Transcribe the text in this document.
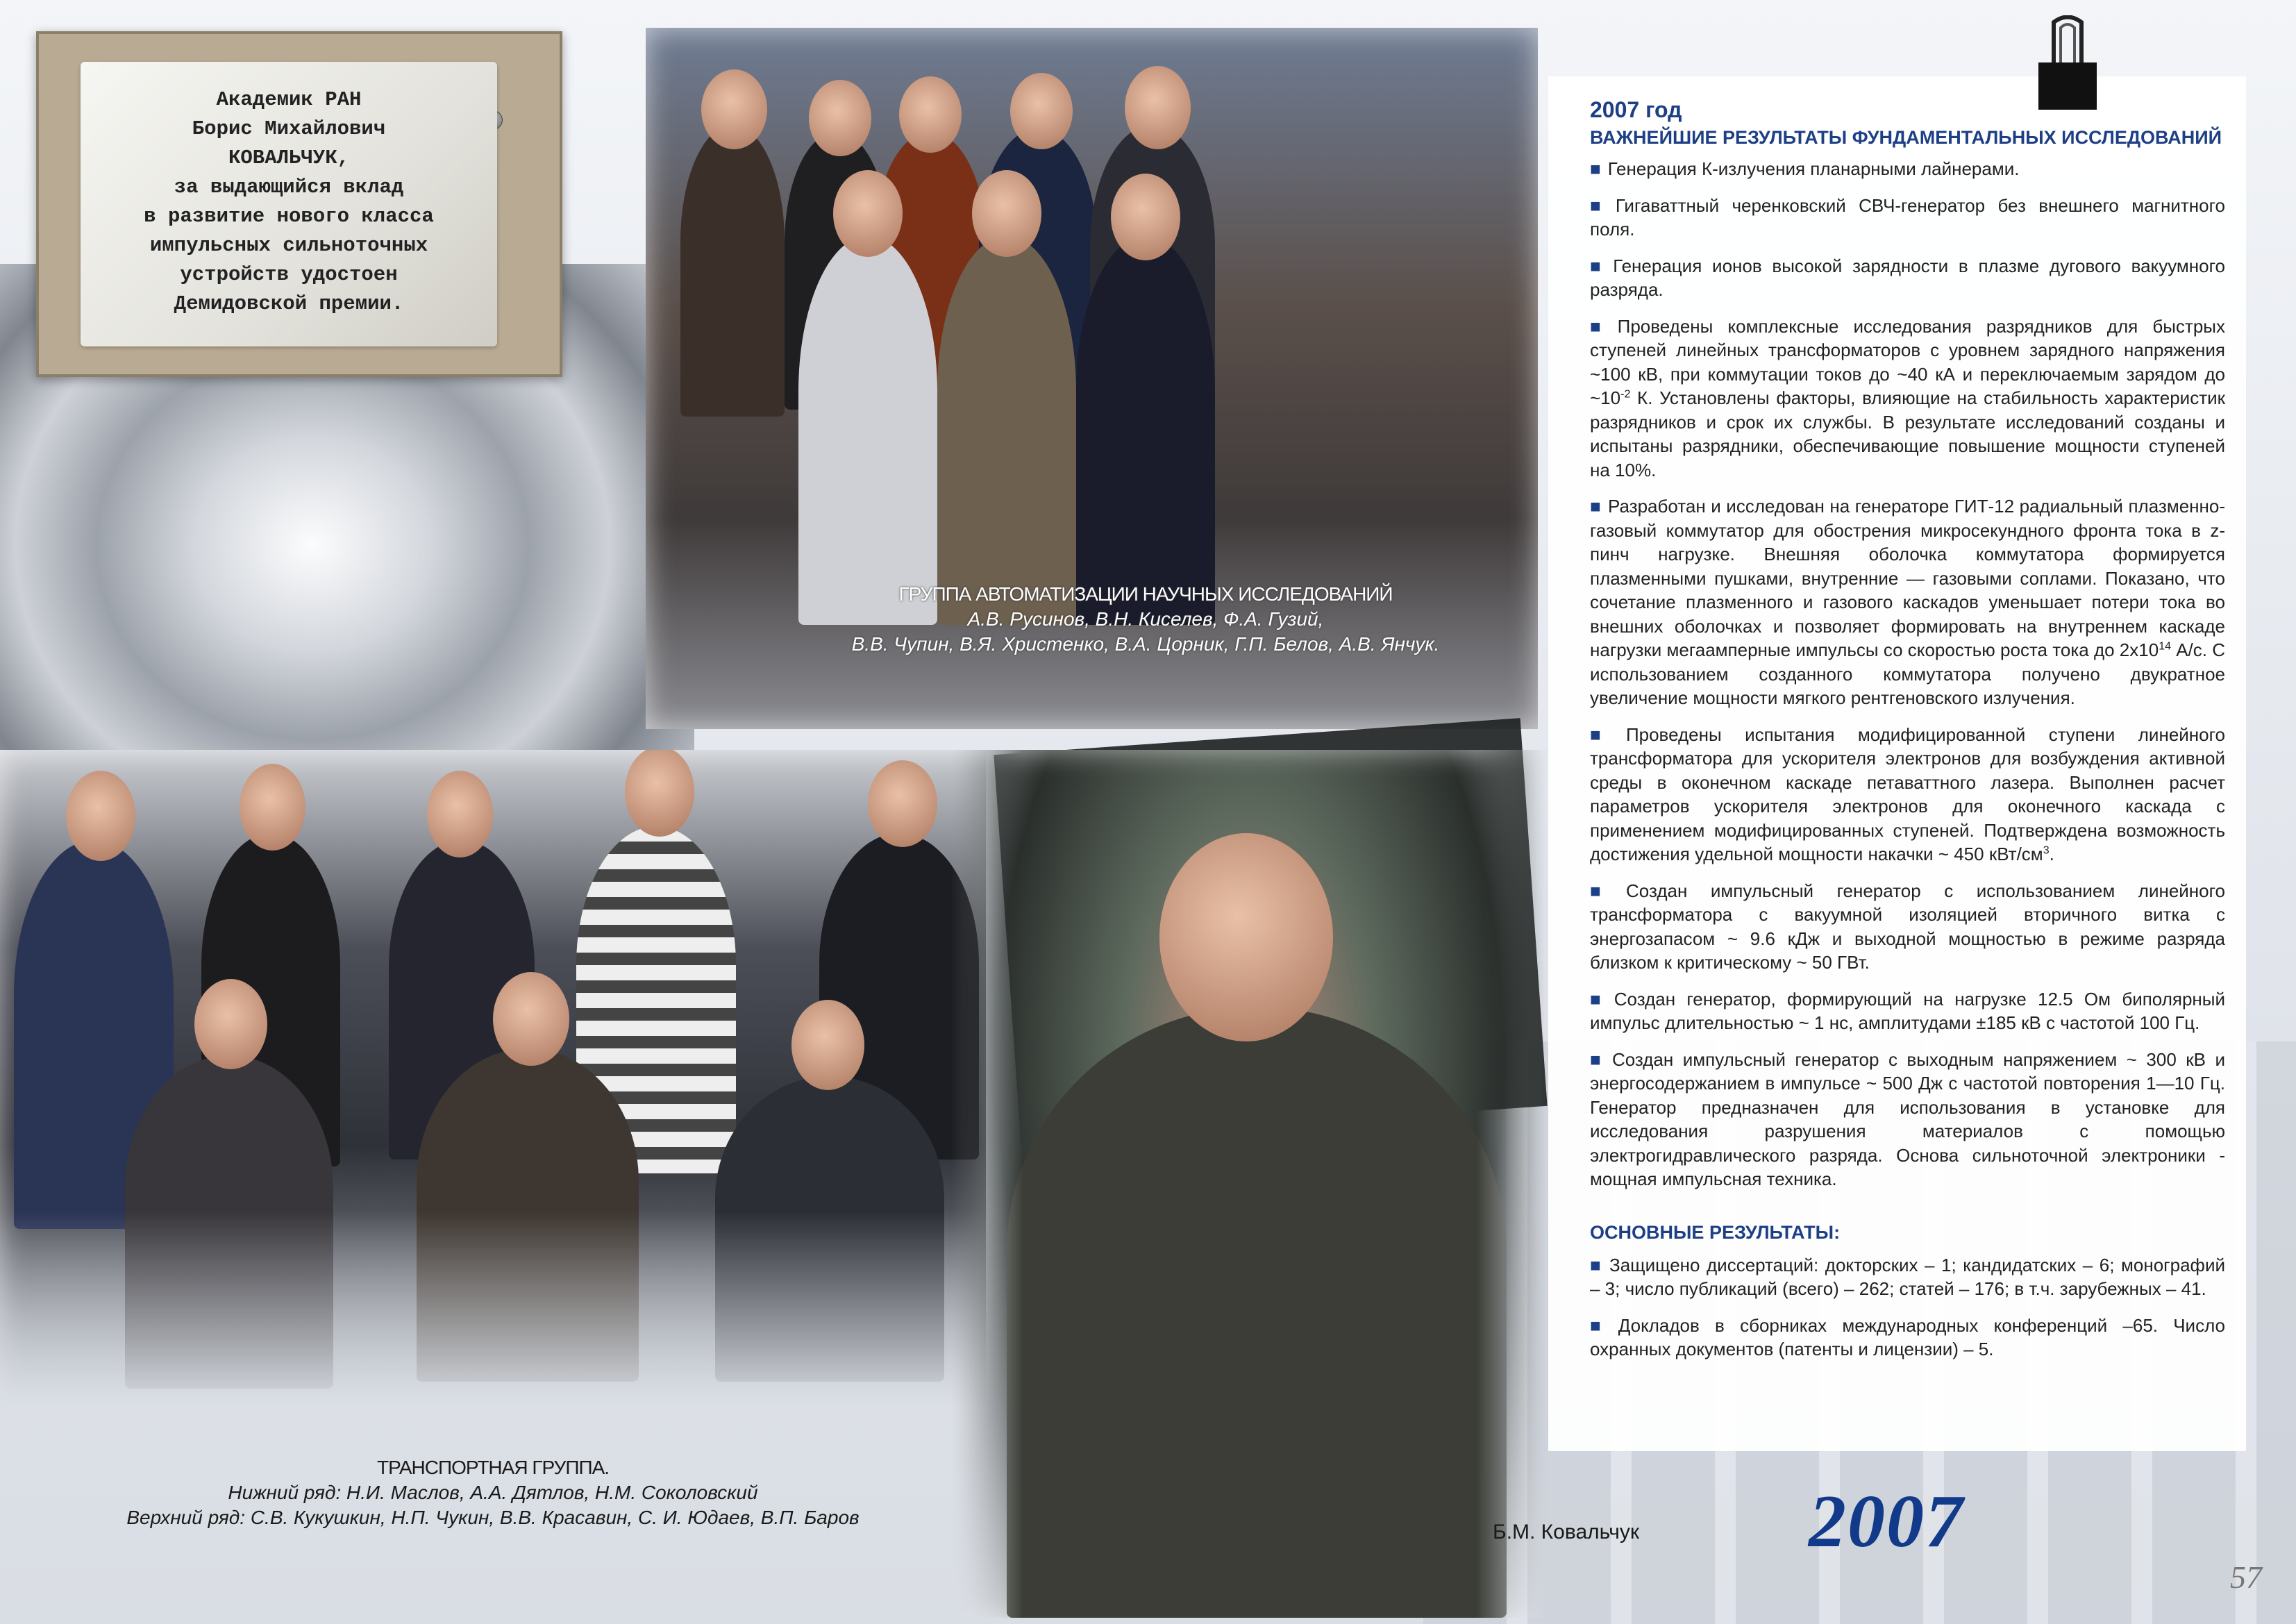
Академик РАН
Борис Михайлович
КОВАЛЬЧУК,
за выдающийся вклад
в развитие нового класса
импульсных сильноточных
устройств удостоен
Демидовской премии.

ГРУППА АВТОМАТИЗАЦИИ НАУЧНЫХ ИССЛЕДОВАНИЙ
А.В. Русинов, В.Н. Киселев, Ф.А. Гузий,
В.В. Чупин, В.Я. Христенко, В.А. Цорник, Г.П. Белов, А.В. Янчук.

ТРАНСПОРТНАЯ ГРУППА.
Нижний ряд: Н.И. Маслов, А.А. Дятлов, Н.М. Соколовский
Верхний ряд: С.В. Кукушкин, Н.П. Чукин, В.В. Красавин, С. И. Юдаев, В.П. Баров

Б.М. Ковальчук

2007 год

ВАЖНЕЙШИЕ РЕЗУЛЬТАТЫ ФУНДАМЕНТАЛЬНЫХ ИССЛЕДОВАНИЙ

■ Генерация К-излучения планарными лайнерами.
■ Гигаваттный черенковский СВЧ-генератор без внешнего магнитного поля.
■ Генерация ионов высокой зарядности в плазме дугового вакуумного разряда.
■ Проведены комплексные исследования разрядников для быстрых ступеней линейных трансформаторов с уровнем зарядного напряжения ~100 кВ, при коммутации токов до ~40 кА и переключаемым зарядом до $\sim 10^{-2}$ К. Установлены факторы, влияющие на стабильность характеристик разрядников и срок их службы. В результате исследований созданы и испытаны разрядники, обеспечивающие повышение мощности ступеней на 10%.
■ Разработан и исследован на генераторе ГИТ-12 радиальный плазменно-газовый коммутатор для обострения микросекундного фронта тока в z-пинч нагрузке. Внешняя оболочка коммутатора формируется плазменными пушками, внутренние — газовыми соплами. Показано, что сочетание плазменного и газового каскадов уменьшает потери тока во внешних оболочках и позволяет формировать на внутреннем каскаде нагрузки мегаамперные импульсы со скоростью роста тока до $2х10^{14}$ А/с. С использованием созданного коммутатора получено двукратное увеличение мощности мягкого рентгеновского излучения.
■ Проведены испытания модифицированной ступени линейного трансформатора для ускорителя электронов для возбуждения активной среды в оконечном каскаде петаваттного лазера. Выполнен расчет параметров ускорителя электронов для оконечного каскада с применением модифицированных ступеней. Подтверждена возможность достижения удельной мощности накачки ~ 450 кВт/$см^3$.
■ Создан импульсный генератор с использованием линейного трансформатора с вакуумной изоляцией вторичного витка с энергозапасом ~ 9.6 кДж и выходной мощностью в режиме разряда близком к критическому ~ 50 ГВт.
■ Создан генератор, формирующий на нагрузке 12.5 Ом биполярный импульс длительностью ~ 1 нс, амплитудами ±185 кВ с частотой 100 Гц.
■ Создан импульсный генератор с выходным напряжением ~ 300 кВ и энергосодержанием в импульсе ~ 500 Дж с частотой повторения 1—10 Гц. Генератор предназначен для использования в установке для исследования разрушения материалов с помощью электрогидравлического разряда. Основа сильноточной электроники - мощная импульсная техника.

ОСНОВНЫЕ РЕЗУЛЬТАТЫ:

■ Защищено диссертаций: докторских – 1; кандидатских – 6; монографий – 3; число публикаций (всего) – 262; статей – 176; в т.ч. зарубежных – 41.
■ Докладов в сборниках международных конференций –65. Число охранных документов (патенты и лицензии) – 5.

2007

57
